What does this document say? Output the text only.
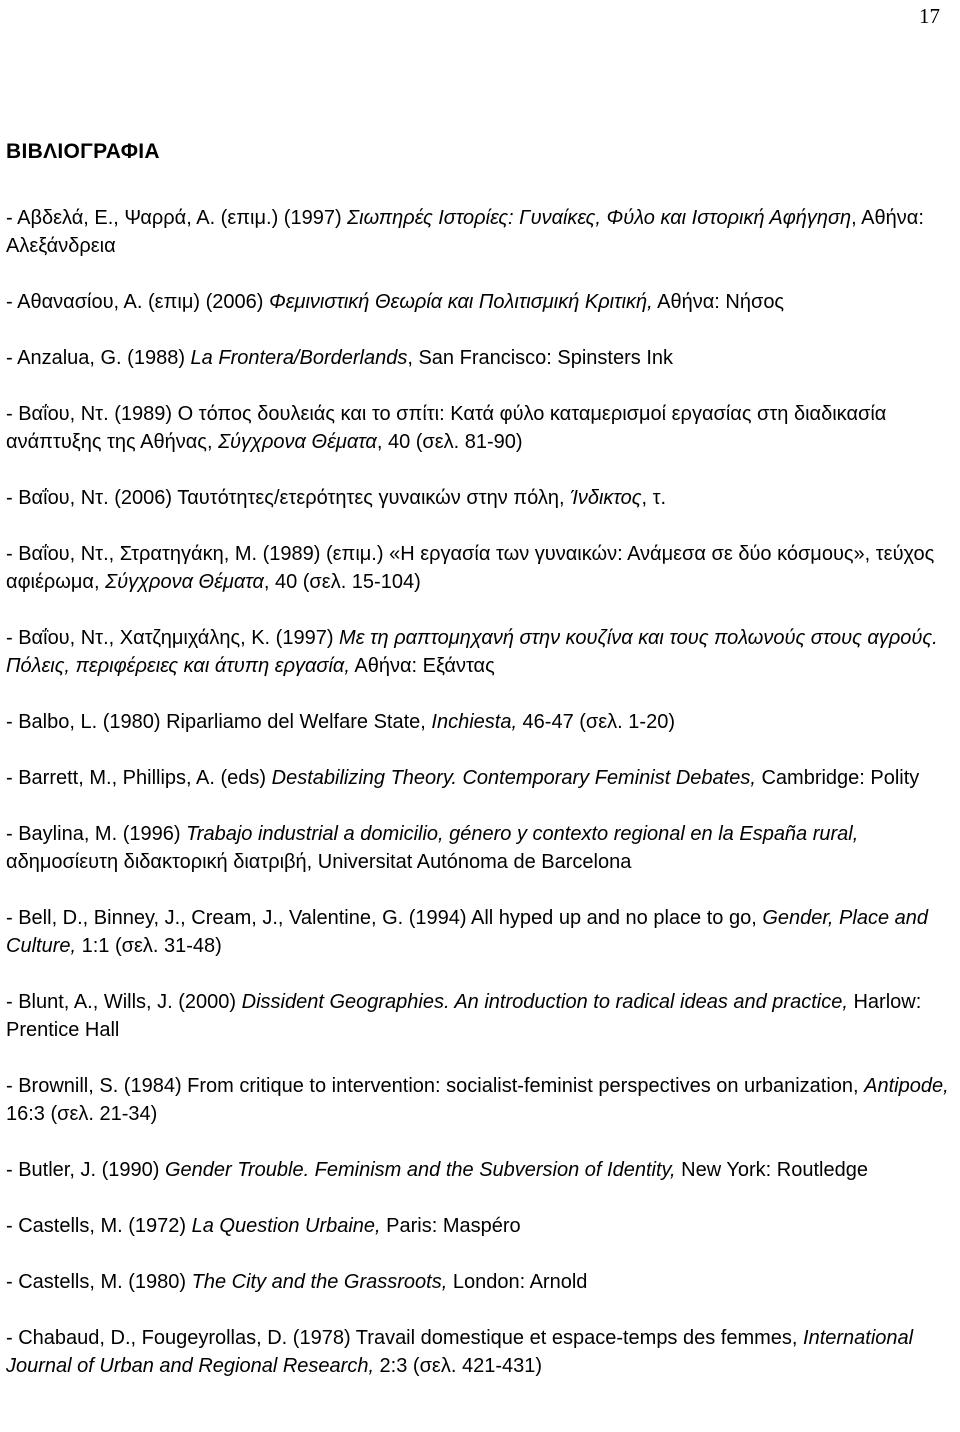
17
ΒΙΒΛΙΟΓΡΑΦΙΑ

- Αβδελά, Ε., Ψαρρά, Α. (επιμ.) (1997) Σιωπηρές Ιστορίες: Γυναίκες, Φύλο και Ιστορική Αφήγηση, Αθήνα: Αλεξάνδρεια

- Αθανασίου, Α. (επιμ) (2006) Φεμινιστική Θεωρία και Πολιτισμική Κριτική, Αθήνα: Νήσος

- Anzalua, G. (1988) La Frontera/Borderlands, San Francisco: Spinsters Ink

- Βαΐου, Ντ. (1989) Ο τόπος δουλειάς και το σπίτι: Κατά φύλο καταμερισμοί εργασίας στη διαδικασία ανάπτυξης της Αθήνας, Σύγχρονα Θέματα, 40 (σελ. 81-90)

- Βαΐου, Ντ. (2006) Ταυτότητες/ετερότητες γυναικών στην πόλη, Ίνδικτος, τ.

- Βαΐου, Ντ., Στρατηγάκη, Μ. (1989) (επιμ.) «Η εργασία των γυναικών: Ανάμεσα σε δύο κόσμους», τεύχος αφιέρωμα, Σύγχρονα Θέματα, 40 (σελ. 15-104)

- Βαΐου, Ντ., Χατζημιχάλης, Κ. (1997) Με τη ραπτομηχανή στην κουζίνα και τους πολωνούς στους αγρούς. Πόλεις, περιφέρειες και άτυπη εργασία, Αθήνα: Εξάντας

- Balbo, L. (1980) Riparliamo del Welfare State, Inchiesta, 46-47 (σελ. 1-20)

- Barrett, M., Phillips, A. (eds) Destabilizing Theory. Contemporary Feminist Debates, Cambridge: Polity

- Baylina, M. (1996) Trabajo industrial a domicilio, género y contexto regional en la España rural, αδημοσίευτη διδακτορική διατριβή, Universitat Autónoma de Barcelona

- Bell, D., Binney, J., Cream, J., Valentine, G. (1994) All hyped up and no place to go, Gender, Place and Culture, 1:1 (σελ. 31-48)

- Blunt, A., Wills, J. (2000) Dissident Geographies. An introduction to radical ideas and practice, Harlow: Prentice Hall

- Brownill, S. (1984) From critique to intervention: socialist-feminist perspectives on urbanization, Antipode, 16:3 (σελ. 21-34)

- Butler, J. (1990) Gender Trouble. Feminism and the Subversion of Identity, New York: Routledge

- Castells, M. (1972) La Question Urbaine, Paris: Maspéro

- Castells, M. (1980) The City and the Grassroots, London: Arnold

- Chabaud, D., Fougeyrollas, D. (1978) Travail domestique et espace-temps des femmes, International Journal of Urban and Regional Research, 2:3 (σελ. 421-431)
